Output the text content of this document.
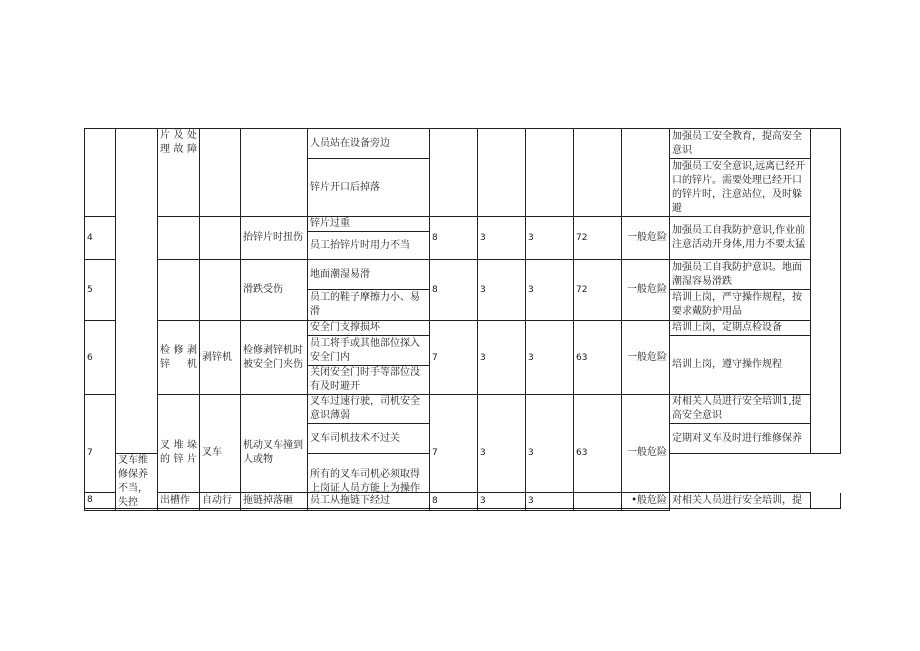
		片及处理故障			人员站在设备旁边						加强员工安全教育，提高安全意识	
					锌片开口后掉落						加强员工安全意识,远离已经开口的锌片。需要处理已经开口的锌片时，注意站位，及时躲避	
4				抬锌片时扭伤	锌片过重	8	3	3	72	一般危险	加强员工自我防护意识,作业前注意活动开身体,用力不要太猛	
					员工抬锌片时用力不当							
5				滑跌受伤	地面潮湿易滑	8	3	3	72	一般危险	加强员工自我防护意识。地面潮湿容易滑跌	
					员工的鞋子摩擦力小、易滑						培训上岗，严守操作规程，按要求戴防护用品	
6		检修剥锌机	剥锌机	检修剥锌机时被安全门夹伤	安全门支撑损坏	7	3	3	63	一般危险	培训上岗，定期点检设备	
					员工将手或其他部位探入安全门内						培训上岗，遵守操作规程	
					关闭安全门时手等部位没有及时避开							
7		叉堆垛的锌片	叉车	机动叉车撞到人或物	叉车过速行驶，司机安全意识薄弱	7	3	3	63	一般危险	对相关人员进行安全培训1,提高安全意识	
					叉车司机技术不过关						定期对叉车及时进行维修保养	
	叉车维修保养不当，失控				所有的叉车司机必须取得上岗证人员方能上为操作							
8		出槽作	自动行	拖链掉落砸	员工从拖链下经过	8	3	3		•般危险	对相关人员进行安全培训，提	
